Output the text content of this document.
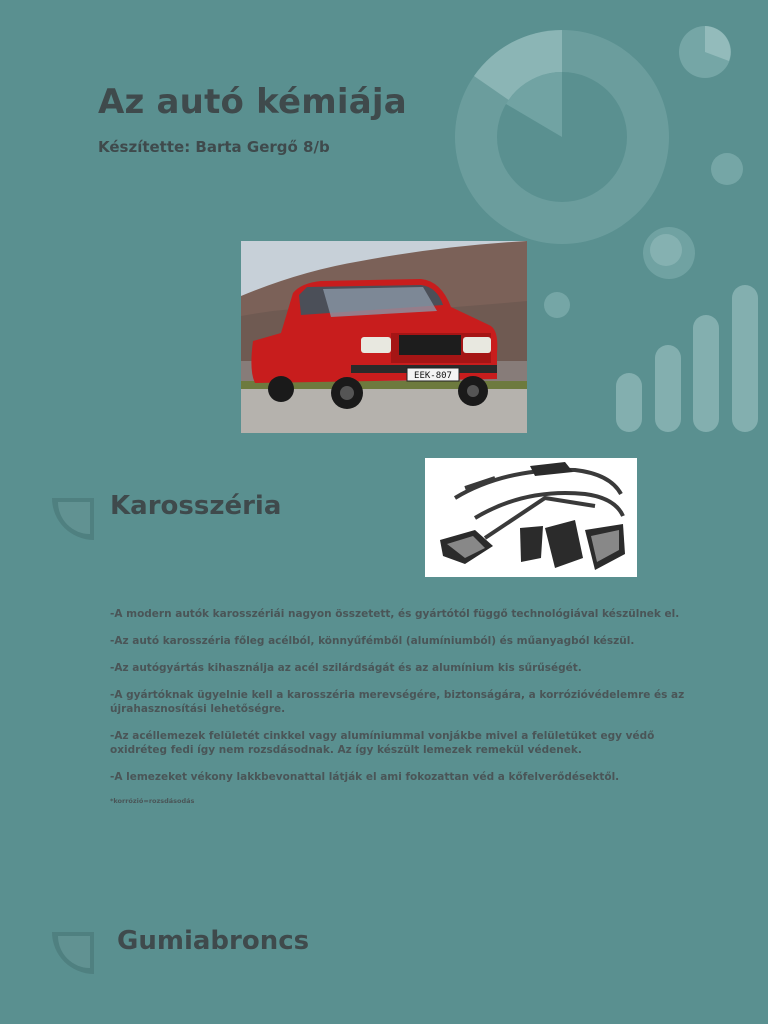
Az autó kémiája
Készítette: Barta Gergő 8/b
EEK-807
Karosszéria

-A modern autók karosszériái nagyon összetett, és gyártótól függő technológiával készülnek el.

-Az autó karosszéria főleg acélból, könnyűfémből (alumíniumból) és műanyagból készül.

-Az autógyártás kihasználja az acél szilárdságát és az alumínium kis sűrűségét.

-A gyártóknak ügyelnie kell a karosszéria merevségére, biztonságára, a korrózióvédelemre és az újrahasznosítási lehetőségre.

-Az acéllemezek felületét cinkkel vagy alumíniummal vonjákbe mivel a felületüket egy védő oxidréteg fedi így nem rozsdásodnak. Az így készült lemezek remekül védenek.

-A lemezeket vékony lakkbevonattal látják el ami fokozattan véd a kőfelverődésektől.

*korrózió=rozsdásodás

Gumiabroncs
